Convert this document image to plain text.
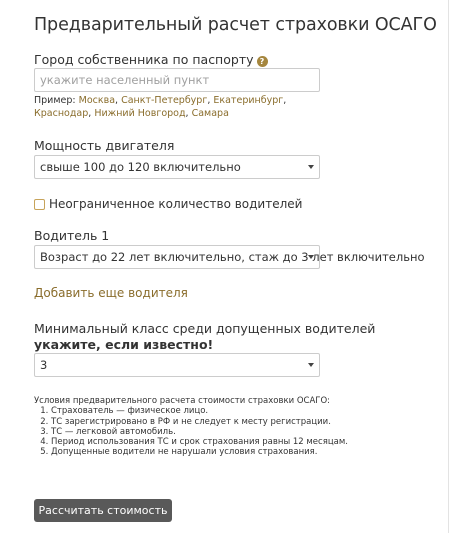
Предварительный расчет страховки ОСАГО
Город собственника по паспорту ?
укажите населенный пункт
Пример: Москва, Санкт-Петербург, Екатеринбург, Краснодар, Нижний Новгород, Самара
Мощность двигателя
свыше 100 до 120 включительно
Неограниченное количество водителей
Водитель 1
Возраст до 22 лет включительно, стаж до 3 лет включительно
Добавить еще водителя
Минимальный класс среди допущенных водителей
укажите, если известно!
3
Условия предварительного расчета стоимости страховки ОСАГО:
1. Страхователь — физическое лицо.
2. ТС зарегистрировано в РФ и не следует к месту регистрации.
3. ТС — легковой автомобиль.
4. Период использования ТС и срок страхования равны 12 месяцам.
5. Допущенные водители не нарушали условия страхования.
Рассчитать стоимость
